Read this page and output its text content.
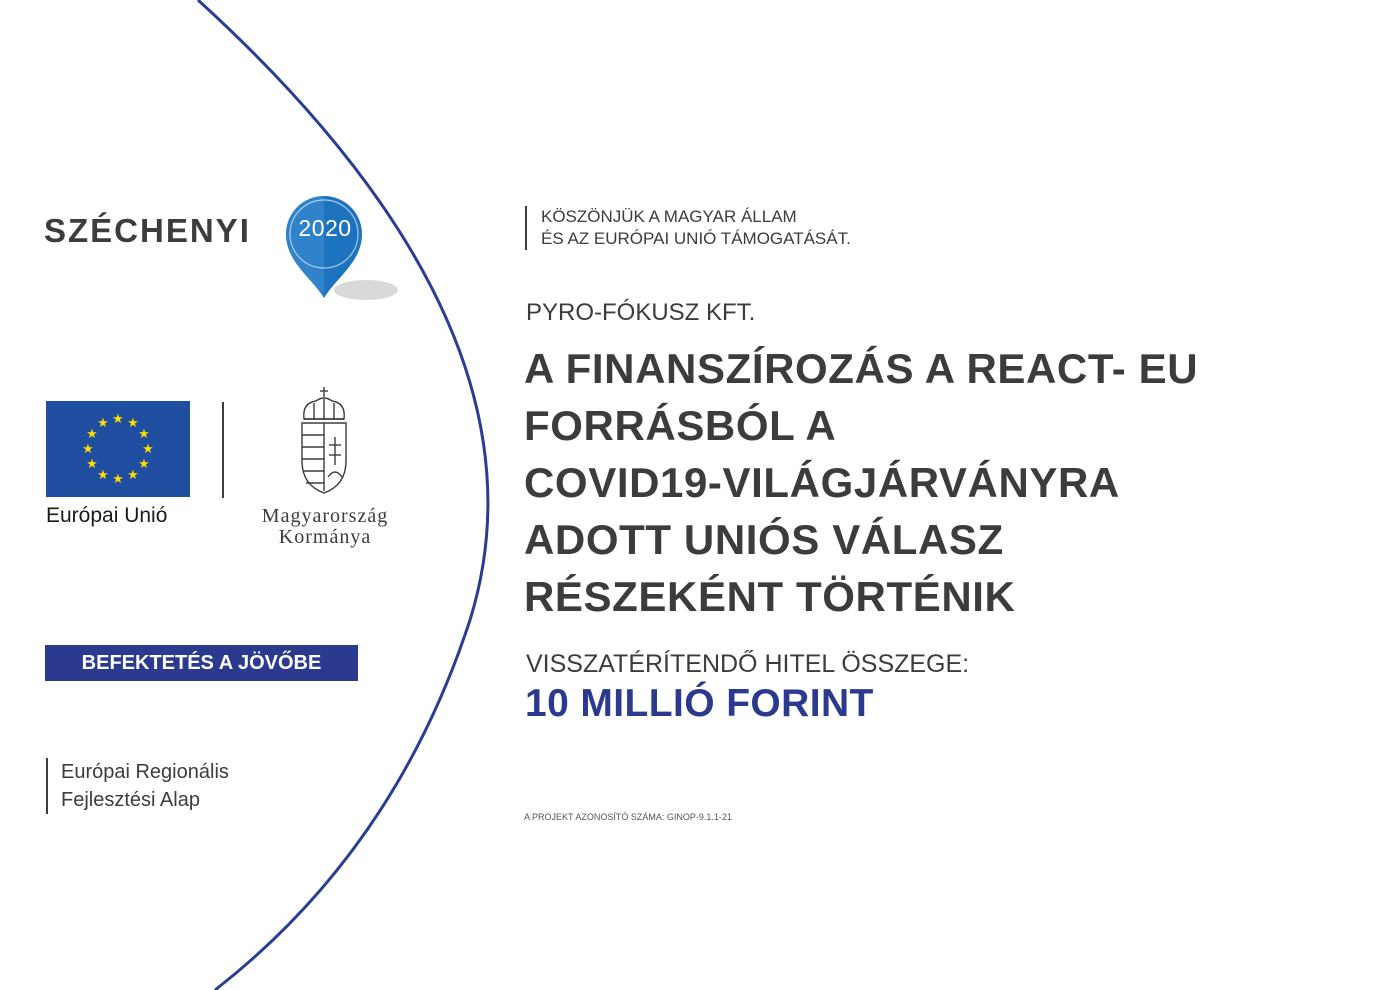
SZÉCHENYI	2020
★ ★
★
★
★
★
★
★
★
★
★
★
Európai Unió	Magyarország
Kormánya
BEFEKTETÉS A JÖVŐBE
Európai Regionális
Fejlesztési Alap
KÖSZÖNJÜK A MAGYAR ÁLLAM
ÉS AZ EURÓPAI UNIÓ TÁMOGATÁSÁT.
PYRO-FÓKUSZ KFT.
A FINANSZÍROZÁS A REACT- EU
FORRÁSBÓL A
COVID19-VILÁGJÁRVÁNYRA
ADOTT UNIÓS VÁLASZ
RÉSZEKÉNT TÖRTÉNIK
VISSZATÉRÍTENDŐ HITEL ÖSSZEGE:
10 MILLIÓ FORINT
A PROJEKT AZONOSÍTÓ SZÁMA: GINOP-9.1.1-21
